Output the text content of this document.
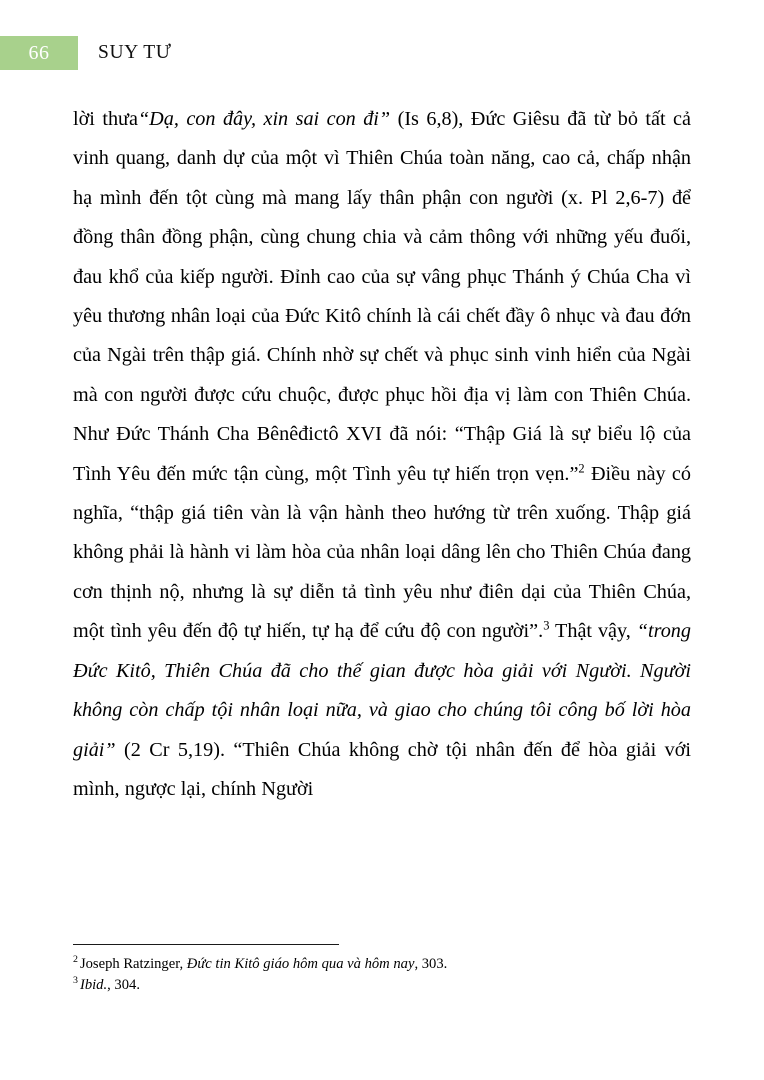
66	SUY TƯ

lời thưa“Dạ, con đây, xin sai con đi” (Is 6,8), Đức Giêsu đã từ bỏ tất cả vinh quang, danh dự của một vì Thiên Chúa toàn năng, cao cả, chấp nhận hạ mình đến tột cùng mà mang lấy thân phận con người (x. Pl 2,6-7) để đồng thân đồng phận, cùng chung chia và cảm thông với những yếu đuối, đau khổ của kiếp người. Đỉnh cao của sự vâng phục Thánh ý Chúa Cha vì yêu thương nhân loại của Đức Kitô chính là cái chết đầy ô nhục và đau đớn của Ngài trên thập giá. Chính nhờ sự chết và phục sinh vinh hiển của Ngài mà con người được cứu chuộc, được phục hồi địa vị làm con Thiên Chúa. Như Đức Thánh Cha Bênêđictô XVI đã nói: “Thập Giá là sự biểu lộ của Tình Yêu đến mức tận cùng, một Tình yêu tự hiến trọn vẹn.”$^2$ Điều này có nghĩa, “thập giá tiên vàn là vận hành theo hướng từ trên xuống. Thập giá không phải là hành vi làm hòa của nhân loại dâng lên cho Thiên Chúa đang cơn thịnh nộ, nhưng là sự diễn tả tình yêu như điên dại của Thiên Chúa, một tình yêu đến độ tự hiến, tự hạ để cứu độ con người”.$^3$ Thật vậy, “trong Đức Kitô, Thiên Chúa đã cho thế gian được hòa giải với Người. Người không còn chấp tội nhân loại nữa, và giao cho chúng tôi công bố lời hòa giải” (2 Cr 5,19). “Thiên Chúa không chờ tội nhân đến để hòa giải với mình, ngược lại, chính Người

$^2$ Joseph Ratzinger, Đức tin Kitô giáo hôm qua và hôm nay, 303.

$^3$ Ibid., 304.
